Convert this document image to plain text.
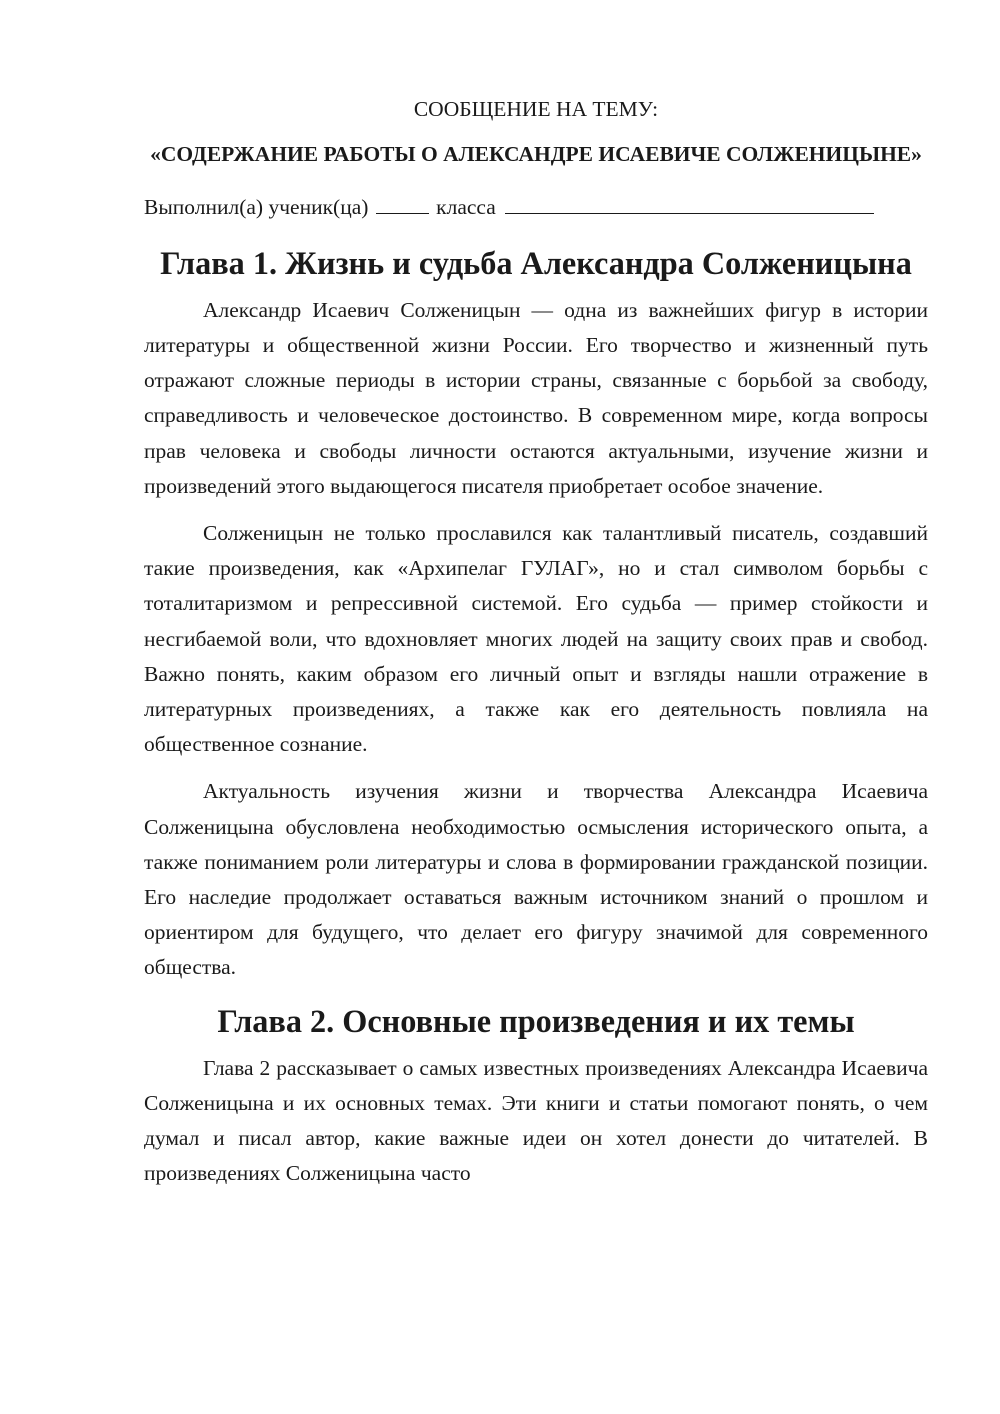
СООБЩЕНИЕ НА ТЕМУ:

«СОДЕРЖАНИЕ РАБОТЫ О АЛЕКСАНДРЕ ИСАЕВИЧЕ СОЛЖЕНИЦЫНЕ»

Выполнил(а) ученик(ца)	класса

Глава 1. Жизнь и судьба Александра Солженицына

Александр Исаевич Солженицын — одна из важнейших фигур в истории литературы и общественной жизни России. Его творчество и жизненный путь отражают сложные периоды в истории страны, связанные с борьбой за свободу, справедливость и человеческое достоинство. В современном мире, когда вопросы прав человека и свободы личности остаются актуальными, изучение жизни и произведений этого выдающегося писателя приобретает особое значение.

Солженицын не только прославился как талантливый писатель, создавший такие произведения, как «Архипелаг ГУЛАГ», но и стал символом борьбы с тоталитаризмом и репрессивной системой. Его судьба — пример стойкости и несгибаемой воли, что вдохновляет многих людей на защиту своих прав и свобод. Важно понять, каким образом его личный опыт и взгляды нашли отражение в литературных произведениях, а также как его деятельность повлияла на общественное сознание.

Актуальность изучения жизни и творчества Александра Исаевича Солженицына обусловлена необходимостью осмысления исторического опыта, а также пониманием роли литературы и слова в формировании гражданской позиции. Его наследие продолжает оставаться важным источником знаний о прошлом и ориентиром для будущего, что делает его фигуру значимой для современного общества.

Глава 2. Основные произведения и их темы

Глава 2 рассказывает о самых известных произведениях Александра Исаевича Солженицына и их основных темах. Эти книги и статьи помогают понять, о чем думал и писал автор, какие важные идеи он хотел донести до читателей. В произведениях Солженицына часто
